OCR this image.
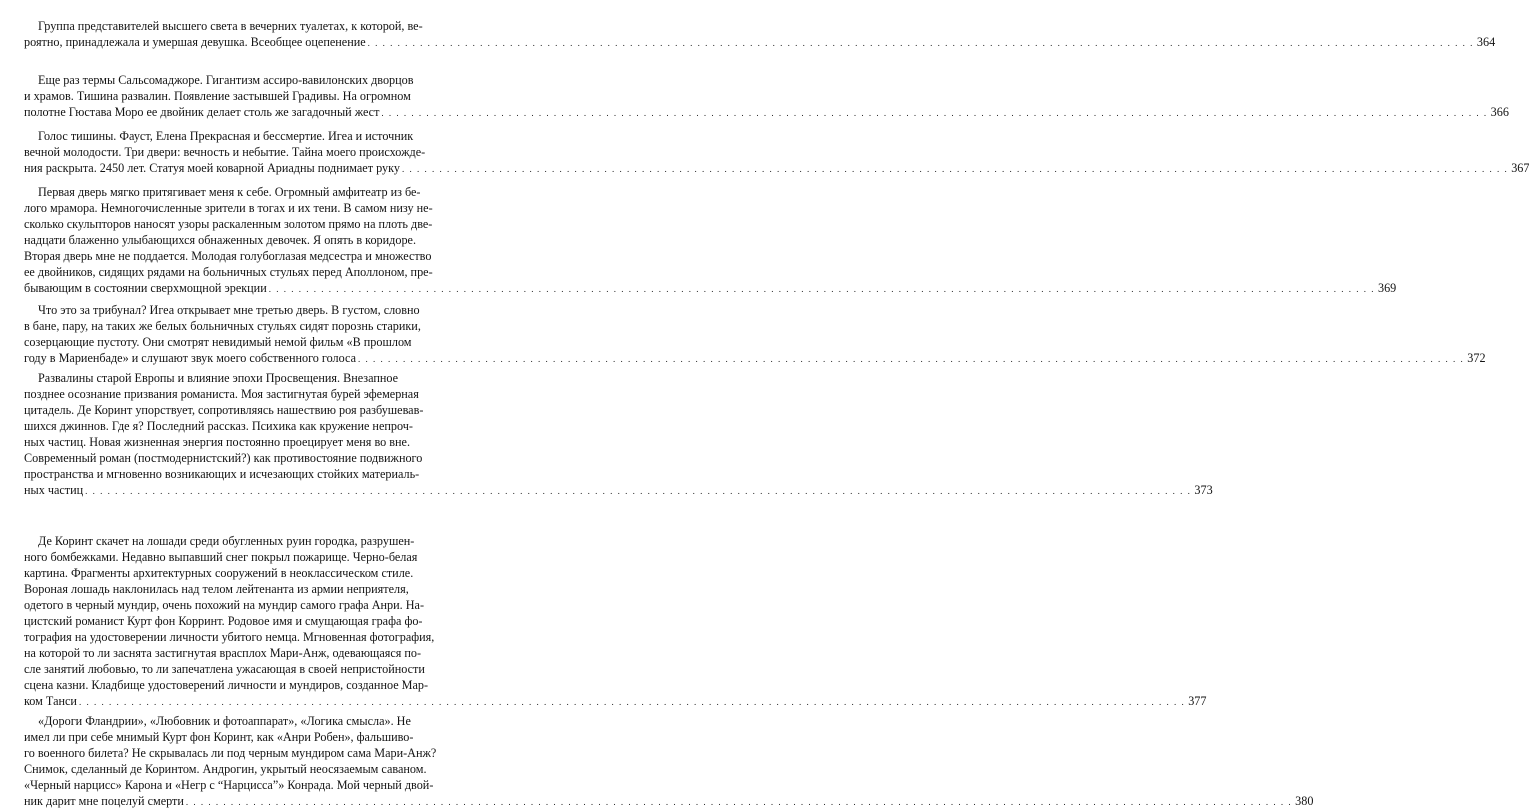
Группа представителей высшего света в вечерних туалетах, к которой, ве-
роятно, принадлежала и умершая девушка. Всеобщее оцепенение . . .	364
Еще раз термы Сальсомаджоре. Гигантизм ассиро-вавилонских дворцов
и храмов. Тишина развалин. Появление застывшей Градивы. На огромном
полотне Гюстава Моро ее двойник делает столь же загадочный жест . . .	366
Голос тишины. Фауст, Елена Прекрасная и бессмертие. Игеа и источник
вечной молодости. Три двери: вечность и небытие. Тайна моего происхожде-
ния раскрыта. 2450 лет. Статуя моей коварной Ариадны поднимает руку . . .	367
Первая дверь мягко притягивает меня к себе. Огромный амфитеатр из бе-
лого мрамора. Немногочисленные зрители в тогах и их тени. В самом низу не-
сколько скульпторов наносят узоры раскаленным золотом прямо на плоть две-
надцати блаженно улыбающихся обнаженных девочек. Я опять в коридоре.
Вторая дверь мне не поддается. Молодая голубоглазая медсестра и множество
ее двойников, сидящих рядами на больничных стульях перед Аполлоном, пре-
бывающим в состоянии сверхмощной эрекции . . .	369
Что это за трибунал? Игеа открывает мне третью дверь. В густом, словно
в бане, пару, на таких же белых больничных стульях сидят порознь старики,
созерцающие пустоту. Они смотрят невидимый немой фильм «В прошлом
году в Мариенбаде» и слушают звук моего собственного голоса . . .	372
Развалины старой Европы и влияние эпохи Просвещения. Внезапное
позднее осознание призвания романиста. Моя застигнутая бурей эфемерная
цитадель. Де Коринт упорствует, сопротивляясь нашествию роя разбушевав-
шихся джиннов. Где я? Последний рассказ. Психика как кружение непроч-
ных частиц. Новая жизненная энергия постоянно проецирует меня во вне.
Современный роман (постмодернистский?) как противостояние подвижного
пространства и мгновенно возникающих и исчезающих стойких материаль-
ных частиц . . .	373
Де Коринт скачет на лошади среди обугленных руин городка, разрушен-
ного бомбежками. Недавно выпавший снег покрыл пожарище. Черно-белая
картина. Фрагменты архитектурных сооружений в неоклассическом стиле.
Вороная лошадь наклонилась над телом лейтенанта из армии неприятеля,
одетого в черный мундир, очень похожий на мундир самого графа Анри. На-
цистский романист Курт фон Корринт. Родовое имя и смущающая графа фо-
тография на удостоверении личности убитого немца. Мгновенная фотография,
на которой то ли заснята застигнутая врасплох Мари-Анж, одевающаяся по-
сле занятий любовью, то ли запечатлена ужасающая в своей непристойности
сцена казни. Кладбище удостоверений личности и мундиров, созданное Мар-
ком Танси . . .	377
«Дороги Фландрии», «Любовник и фотоаппарат», «Логика смысла». Не
имел ли при себе мнимый Курт фон Коринт, как «Анри Робен», фальшиво-
го военного билета? Не скрывалась ли под черным мундиром сама Мари-Анж?
Снимок, сделанный де Коринтом. Андрогин, укрытый неосязаемым саваном.
«Черный нарцисс» Карона и «Негр с “Нарциссa”» Конрада. Мой черный двой-
ник дарит мне поцелуй смерти . . .	380
